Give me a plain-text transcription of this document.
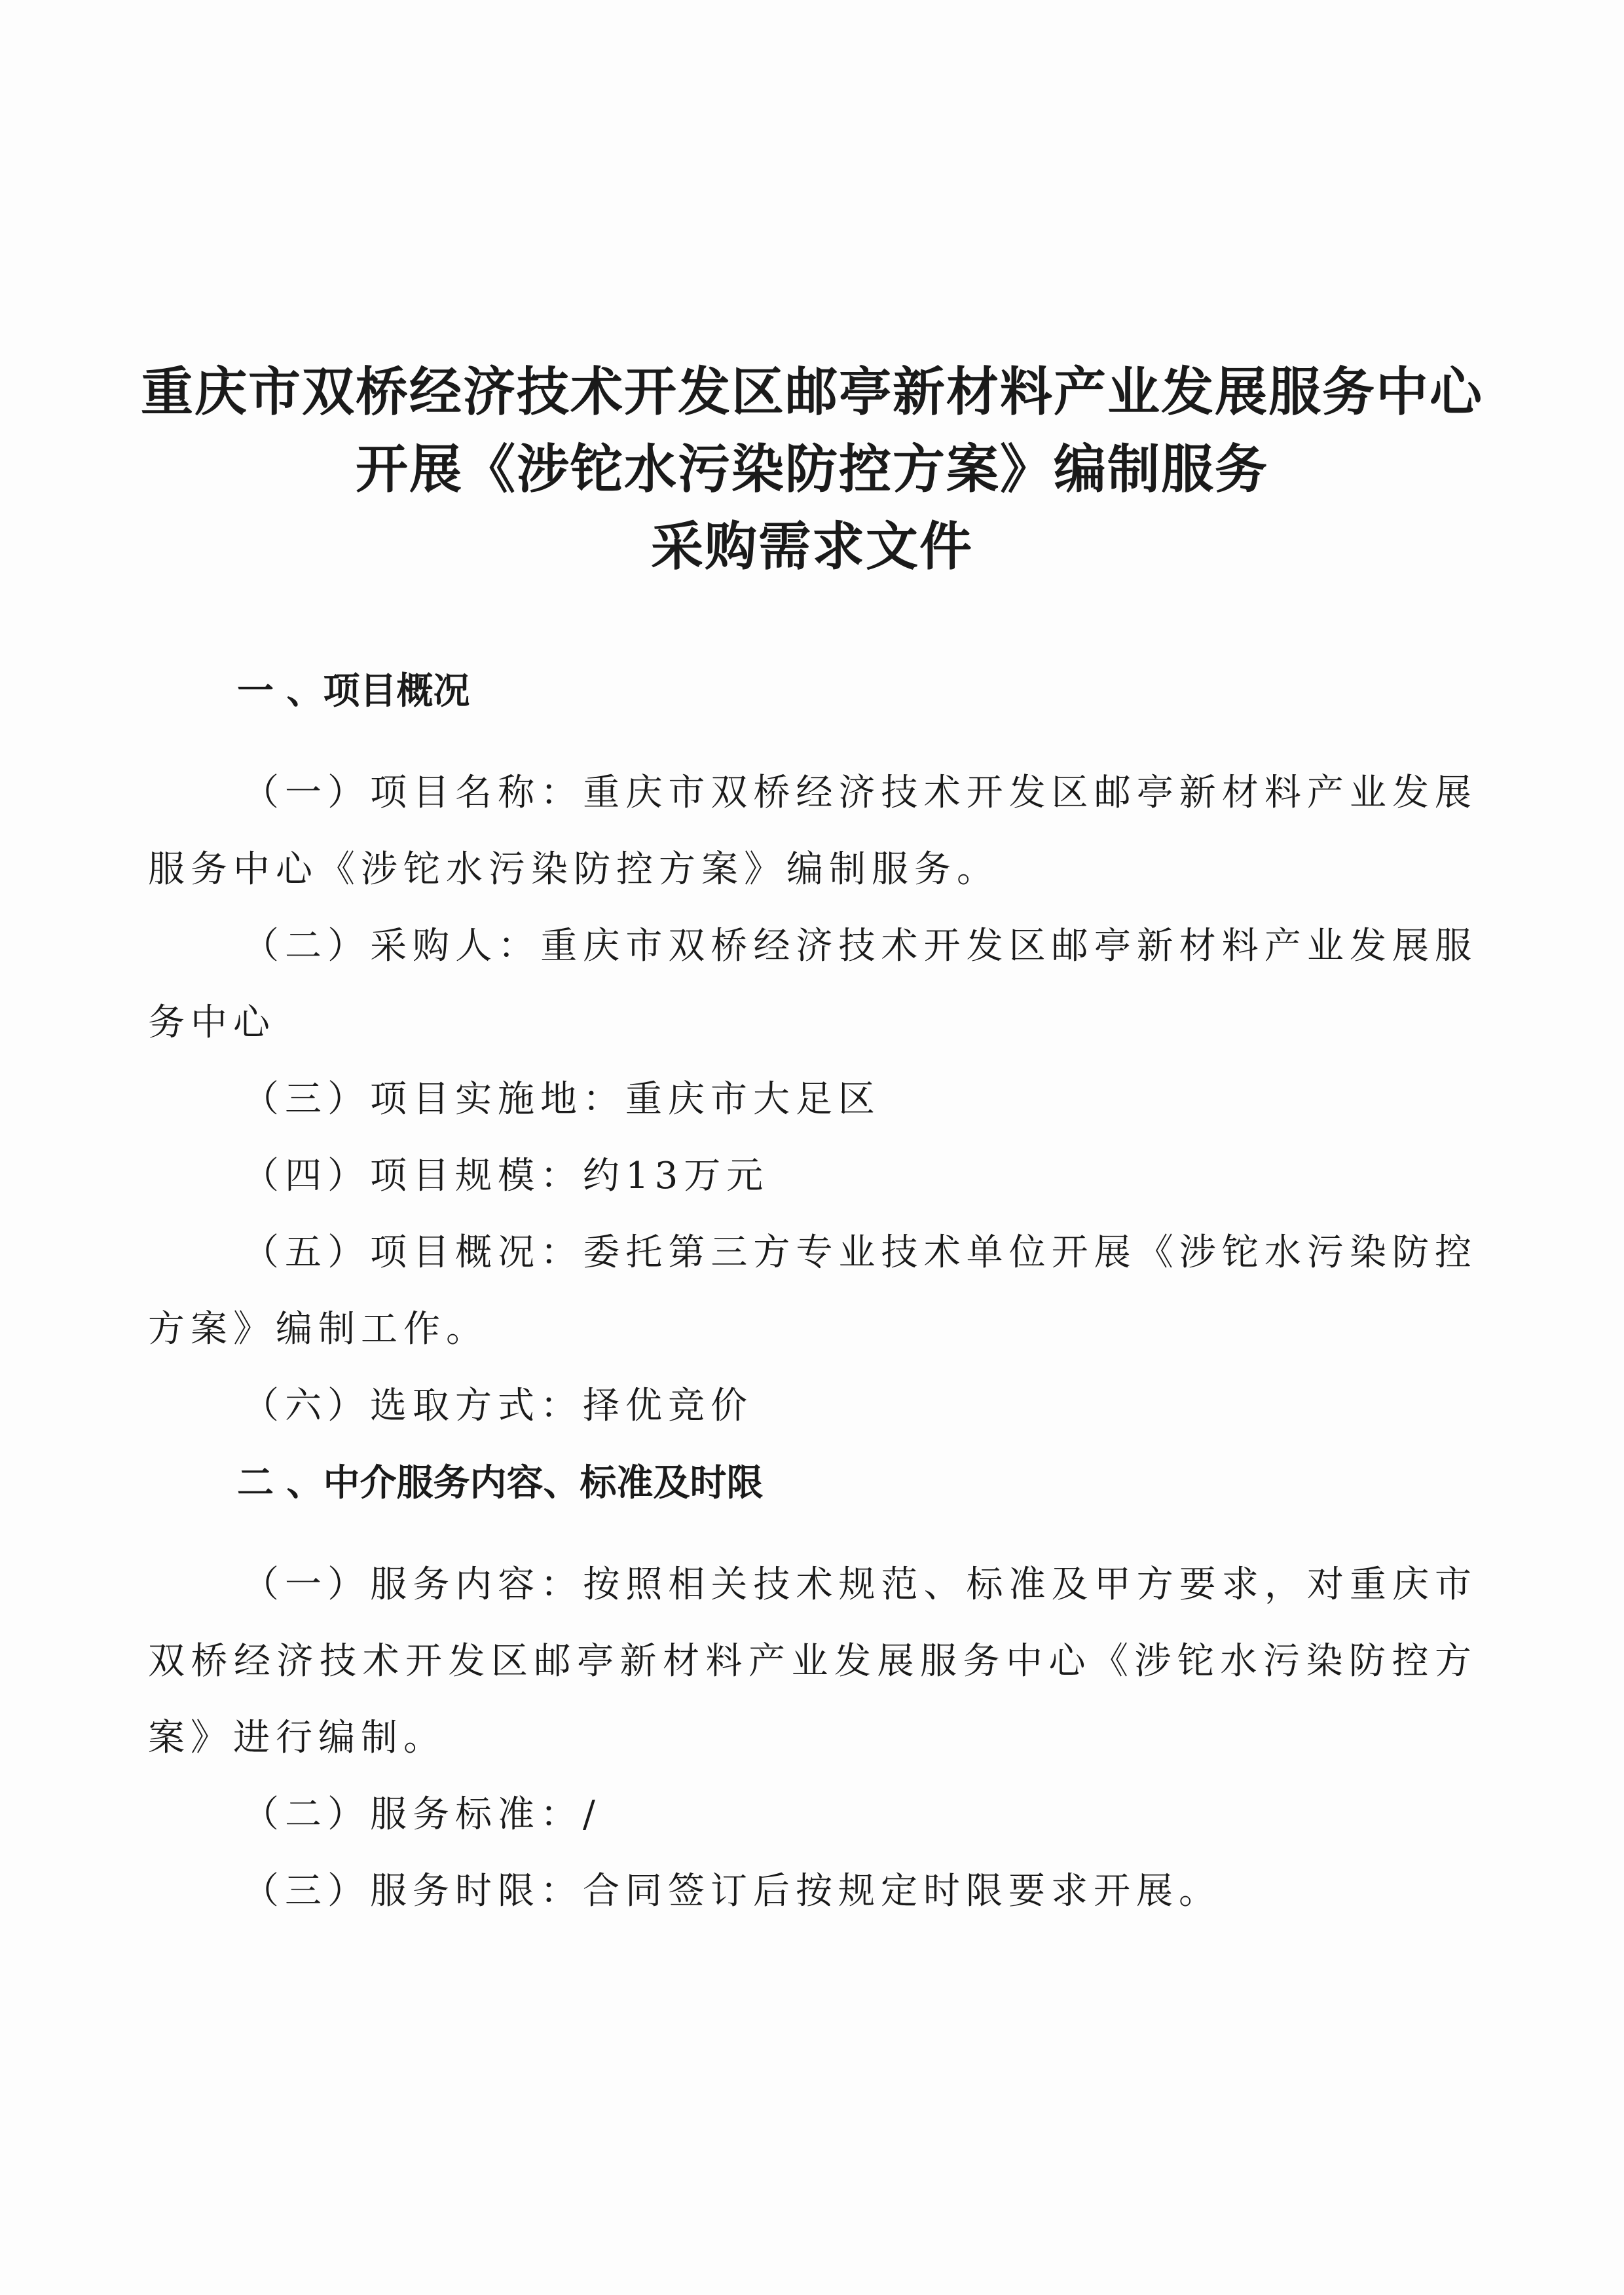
重庆市双桥经济技术开发区邮亭新材料产业发展服务中心
开展《涉铊水污染防控方案》编制服务
采购需求文件
一 、项目概况

（一）项目名称：重庆市双桥经济技术开发区邮亭新材料产业发展服务中心《涉铊水污染防控方案》编制服务。

（二）采购人：重庆市双桥经济技术开发区邮亭新材料产业发展服务中心

（三）项目实施地：重庆市大足区

（四）项目规模：约13万元

（五）项目概况：委托第三方专业技术单位开展《涉铊水污染防控方案》编制工作。

（六）选取方式：择优竞价

二 、中介服务内容、标准及时限

（一）服务内容：按照相关技术规范、标准及甲方要求，对重庆市双桥经济技术开发区邮亭新材料产业发展服务中心《涉铊水污染防控方案》进行编制。

（二）服务标准：/

（三）服务时限：合同签订后按规定时限要求开展。
